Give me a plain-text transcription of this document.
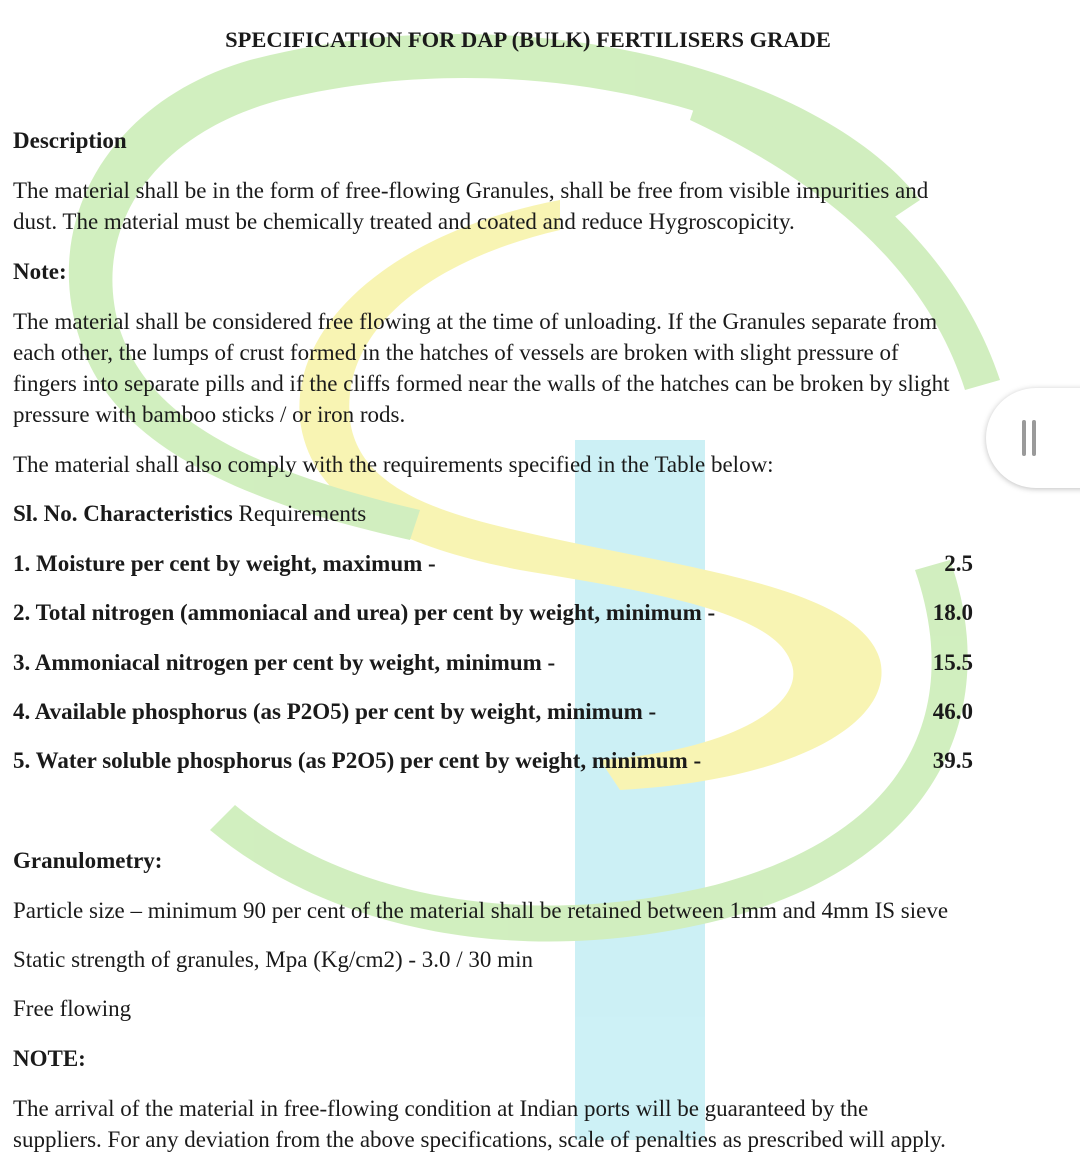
SPECIFICATION FOR DAP (BULK) FERTILISERS GRADE

Description

The material shall be in the form of free-flowing Granules, shall be free from visible impurities and
dust. The material must be chemically treated and coated and reduce Hygroscopicity.

Note:

The material shall be considered free flowing at the time of unloading. If the Granules separate from
each other, the lumps of crust formed in the hatches of vessels are broken with slight pressure of
fingers into separate pills and if the cliffs formed near the walls of the hatches can be broken by slight
pressure with bamboo sticks / or iron rods.

The material shall also comply with the requirements specified in the Table below:

Sl. No. Characteristics Requirements

1. Moisture per cent by weight, maximum -	2.5
2. Total nitrogen (ammoniacal and urea) per cent by weight, minimum -	18.0
3. Ammoniacal nitrogen per cent by weight, minimum -	15.5
4. Available phosphorus (as P2O5) per cent by weight, minimum -	46.0
5. Water soluble phosphorus (as P2O5) per cent by weight, minimum -	39.5

Granulometry:

Particle size – minimum 90 per cent of the material shall be retained between 1mm and 4mm IS sieve

Static strength of granules, Mpa (Kg/cm2) - 3.0 / 30 min

Free flowing

NOTE:

The arrival of the material in free-flowing condition at Indian ports will be guaranteed by the
suppliers. For any deviation from the above specifications, scale of penalties as prescribed will apply.
